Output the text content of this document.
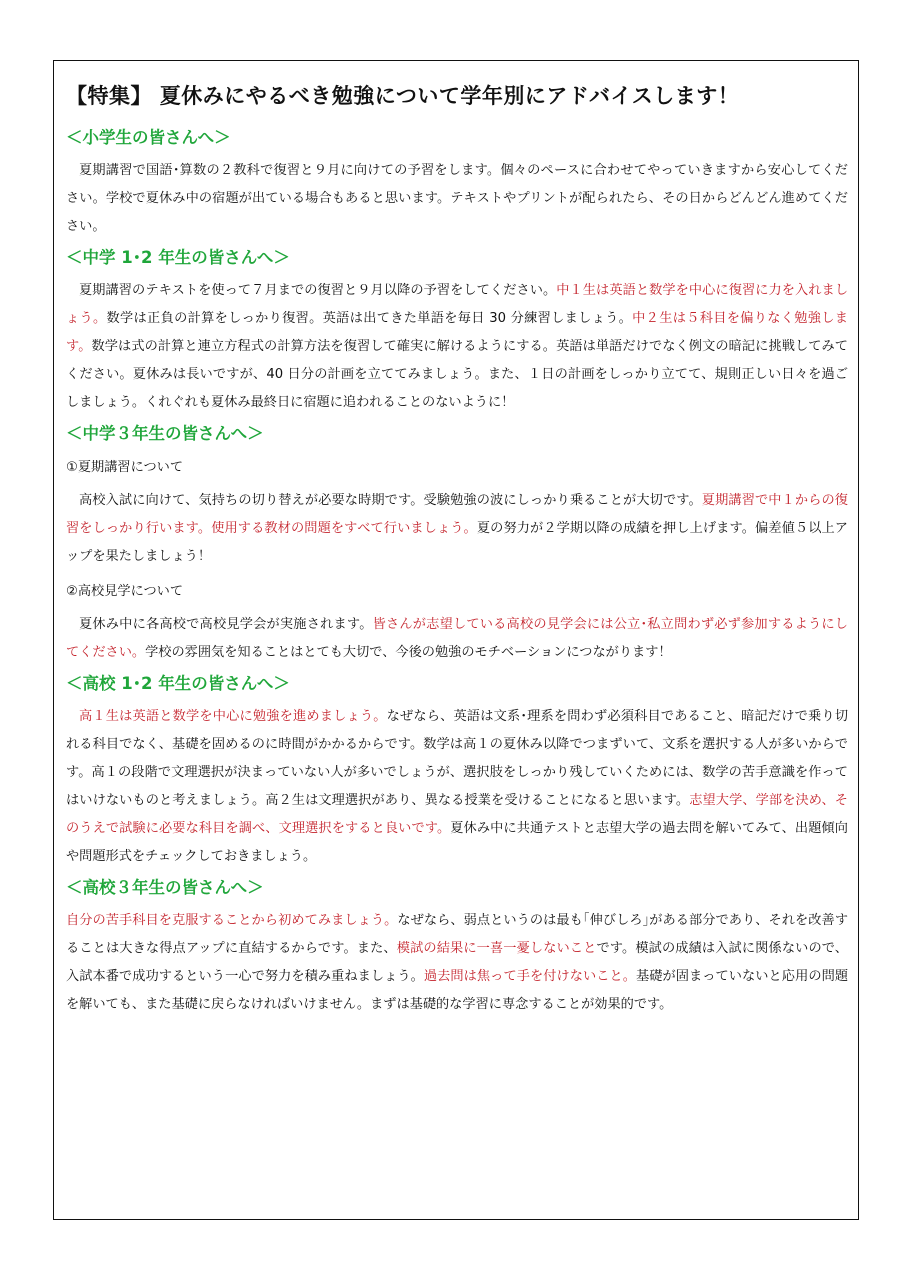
【特集】 夏休みにやるべき勉強について学年別にアドバイスします！
＜小学生の皆さんへ＞
夏期講習で国語･算数の２教科で復習と９月に向けての予習をします。個々のペースに合わせてやっていきますから安心してください。学校で夏休み中の宿題が出ている場合もあると思います。テキストやプリントが配られたら、その日からどんどん進めてください。
＜中学 1･2 年生の皆さんへ＞
夏期講習のテキストを使って７月までの復習と９月以降の予習をしてください。中１生は英語と数学を中心に復習に力を入れましょう。数学は正負の計算をしっかり復習。英語は出てきた単語を毎日 30 分練習しましょう。中２生は５科目を偏りなく勉強します。数学は式の計算と連立方程式の計算方法を復習して確実に解けるようにする。英語は単語だけでなく例文の暗記に挑戦してみてください。夏休みは長いですが、40 日分の計画を立ててみましょう。また、１日の計画をしっかり立てて、規則正しい日々を過ごしましょう。くれぐれも夏休み最終日に宿題に追われることのないように！
＜中学３年生の皆さんへ＞
①夏期講習について
高校入試に向けて、気持ちの切り替えが必要な時期です。受験勉強の波にしっかり乗ることが大切です。夏期講習で中１からの復習をしっかり行います。使用する教材の問題をすべて行いましょう。夏の努力が２学期以降の成績を押し上げます。偏差値５以上アップを果たしましょう！
②高校見学について
夏休み中に各高校で高校見学会が実施されます。皆さんが志望している高校の見学会には公立･私立問わず必ず参加するようにしてください。学校の雰囲気を知ることはとても大切で、今後の勉強のモチベーションにつながります！
＜高校 1･2 年生の皆さんへ＞
高１生は英語と数学を中心に勉強を進めましょう。なぜなら、英語は文系･理系を問わず必須科目であること、暗記だけで乗り切れる科目でなく、基礎を固めるのに時間がかかるからです。数学は高１の夏休み以降でつまずいて、文系を選択する人が多いからです。高１の段階で文理選択が決まっていない人が多いでしょうが、選択肢をしっかり残していくためには、数学の苦手意識を作ってはいけないものと考えましょう。高２生は文理選択があり、異なる授業を受けることになると思います。志望大学、学部を決め、そのうえで試験に必要な科目を調べ、文理選択をすると良いです。夏休み中に共通テストと志望大学の過去問を解いてみて、出題傾向や問題形式をチェックしておきましょう。
＜高校３年生の皆さんへ＞
自分の苦手科目を克服することから初めてみましょう。なぜなら、弱点というのは最も｢伸びしろ｣がある部分であり、それを改善することは大きな得点アップに直結するからです。また、模試の結果に一喜一憂しないことです。模試の成績は入試に関係ないので、入試本番で成功するという一心で努力を積み重ねましょう。過去問は焦って手を付けないこと。基礎が固まっていないと応用の問題を解いても、また基礎に戻らなければいけません。まずは基礎的な学習に専念することが効果的です。
